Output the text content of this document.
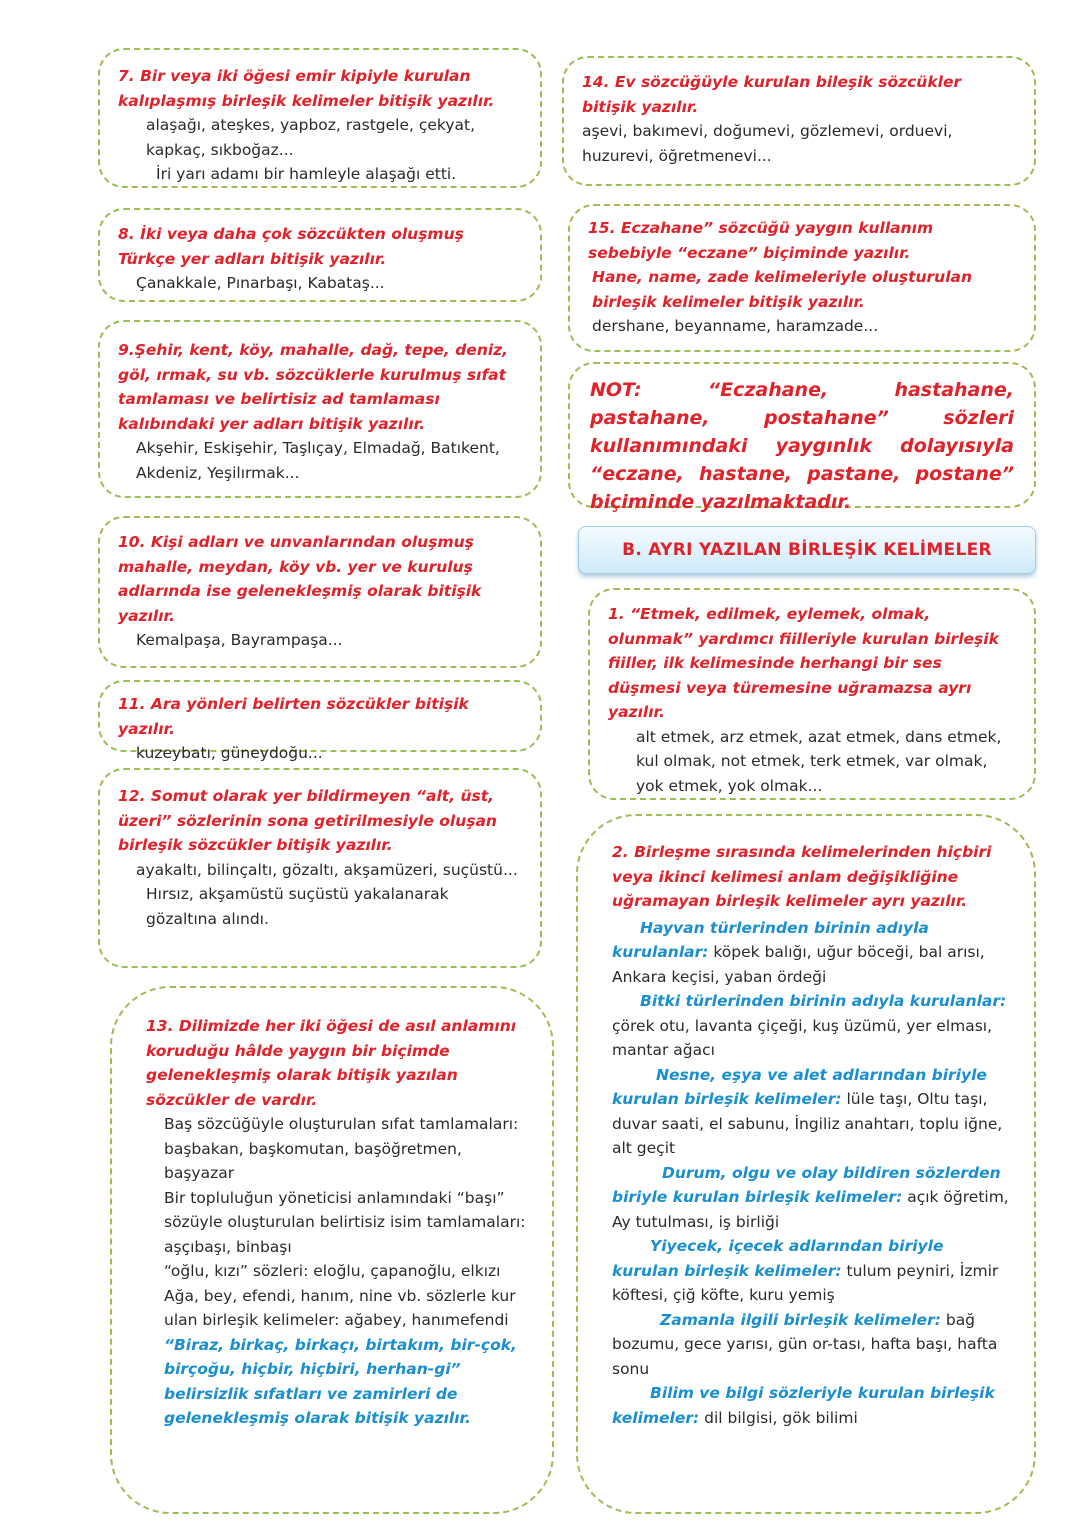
7. Bir veya iki öğesi emir kipiyle kurulan kalıplaşmış birleşik kelimeler bitişik yazılır.

alaşağı, ateşkes, yapboz, rastgele, çekyat, kapkaç, sıkboğaz...

İri yarı adamı bir hamleyle alaşağı etti.

8. İki veya daha çok sözcükten oluşmuş Türkçe yer adları bitişik yazılır.

Çanakkale, Pınarbaşı, Kabataş...

9.Şehir, kent, köy, mahalle, dağ, tepe, deniz, göl, ırmak, su vb. sözcüklerle kurulmuş sıfat tamlaması ve belirtisiz ad tamlaması kalıbındaki yer adları bitişik yazılır.

Akşehir, Eskişehir, Taşlıçay, Elmadağ, Batıkent, Akdeniz, Yeşilırmak...

10. Kişi adları ve unvanlarından oluşmuş mahalle, meydan, köy vb. yer ve kuruluş adlarında ise gelenekleşmiş olarak bitişik yazılır.

Kemalpaşa, Bayrampaşa...

11. Ara yönleri belirten sözcükler bitişik yazılır.

kuzeybatı, güneydoğu...

12. Somut olarak yer bildirmeyen “alt, üst, üzeri” sözlerinin sona getirilmesiyle oluşan birleşik sözcükler bitişik yazılır.

ayakaltı, bilinçaltı, gözaltı, akşamüzeri, suçüstü...

Hırsız, akşamüstü suçüstü yakalanarak gözaltına alındı.

13. Dilimizde her iki öğesi de asıl anlamını koruduğu hâlde yaygın bir biçimde gelenekleşmiş olarak bitişik yazılan sözcükler de vardır.

Baş sözcüğüyle oluşturulan sıfat tamlamaları: başbakan, başkomutan, başöğretmen, başyazar

Bir topluluğun yöneticisi anlamındaki “başı” sözüyle oluşturulan belirtisiz isim tamlamaları: aşçıbaşı, binbaşı

“oğlu, kızı” sözleri: eloğlu, çapanoğlu, elkızı

Ağa, bey, efendi, hanım, nine vb. sözlerle kur ulan birleşik kelimeler: ağabey, hanımefendi

“Biraz, birkaç, birkaçı, birtakım, bir-çok, birçoğu, hiçbir, hiçbiri, herhan-gi” belirsizlik sıfatları ve zamirleri de gelenekleşmiş olarak bitişik yazılır.

14. Ev sözcüğüyle kurulan bileşik sözcükler bitişik yazılır.

aşevi, bakımevi, doğumevi, gözlemevi, orduevi, huzurevi, öğretmenevi...

15. Eczahane” sözcüğü yaygın kullanım sebebiyle “eczane” biçiminde yazılır.

Hane, name, zade kelimeleriyle oluşturulan birleşik kelimeler bitişik yazılır.

dershane, beyanname, haramzade...

NOT: “Eczahane, hastahane, pastahane, postahane” sözleri kullanımındaki yaygınlık dolayısıyla “eczane, hastane, pastane, postane” biçiminde yazılmaktadır.

B. AYRI YAZILAN BİRLEŞİK KELİMELER

1. “Etmek, edilmek, eylemek, olmak, olunmak” yardımcı fiilleriyle kurulan birleşik fiiller, ilk kelimesinde herhangi bir ses düşmesi veya türemesine uğramazsa ayrı yazılır.

alt etmek, arz etmek, azat etmek, dans etmek, kul olmak, not etmek, terk etmek, var olmak, yok etmek, yok olmak...

2. Birleşme sırasında kelimelerinden hiçbiri veya ikinci kelimesi anlam değişikliğine uğramayan birleşik kelimeler ayrı yazılır.

Hayvan türlerinden birinin adıyla kurulanlar: köpek balığı, uğur böceği, bal arısı, Ankara keçisi, yaban ördeği

Bitki türlerinden birinin adıyla kurulanlar: çörek otu, lavanta çiçeği, kuş üzümü, yer elması, mantar ağacı

Nesne, eşya ve alet adlarından biriyle kurulan birleşik kelimeler: lüle taşı, Oltu taşı, duvar saati, el sabunu, İngiliz anahtarı, toplu iğne, alt geçit

Durum, olgu ve olay bildiren sözlerden biriyle kurulan birleşik kelimeler: açık öğretim, Ay tutulması, iş birliği

Yiyecek, içecek adlarından biriyle kurulan birleşik kelimeler: tulum peyniri, İzmir köftesi, çiğ köfte, kuru yemiş

Zamanla ilgili birleşik kelimeler: bağ bozumu, gece yarısı, gün or-tası, hafta başı, hafta sonu

Bilim ve bilgi sözleriyle kurulan birleşik kelimeler: dil bilgisi, gök bilimi
